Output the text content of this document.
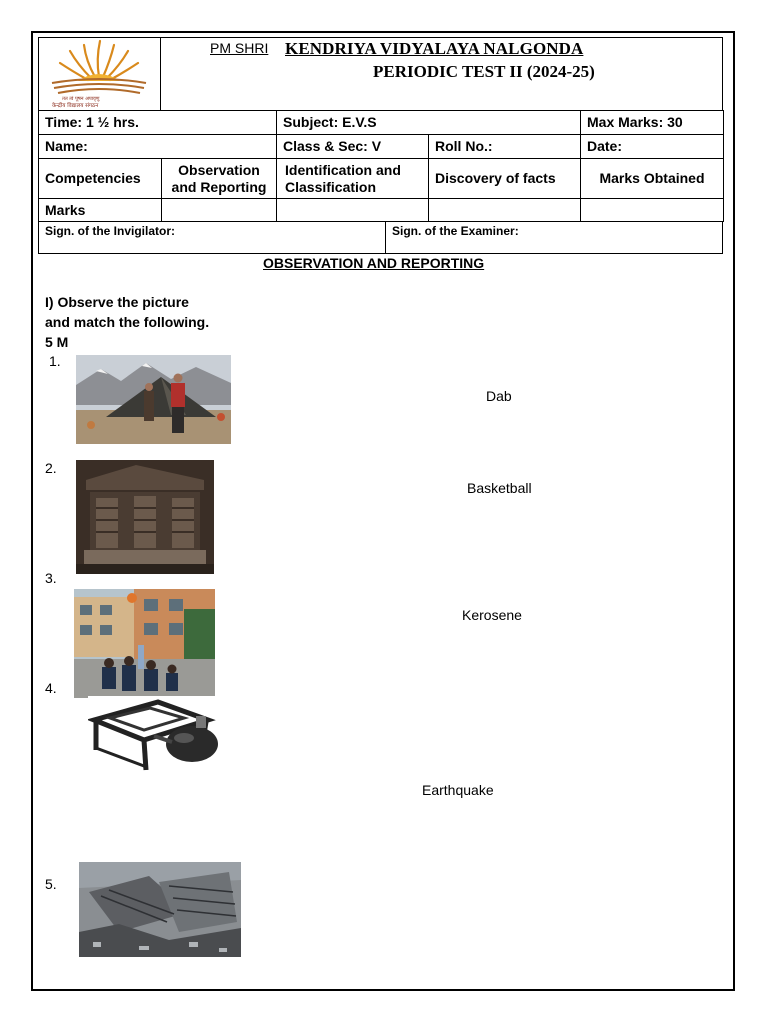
तत त्वं पूषन अपावृणु
केन्द्रीय विद्यालय संगठन
PM SHRI KENDRIYA VIDYALAYA NALGONDA
PERIODIC TEST II (2024-25)
Time: 1 ½ hrs.		Subject: E.V.S		Max Marks: 30
Name:		Class & Sec: V	Roll No.:	Date:
Competencies	Observation and Reporting	Identification and Classification	Discovery of facts	Marks Obtained
Marks				
Sign. of the Invigilator:	Sign. of the Examiner:
OBSERVATION AND REPORTING
I) Observe the picture
and match the following.
5 M
1.
2.
3.
4.
5.
Dab
Basketball
Kerosene
Earthquake
